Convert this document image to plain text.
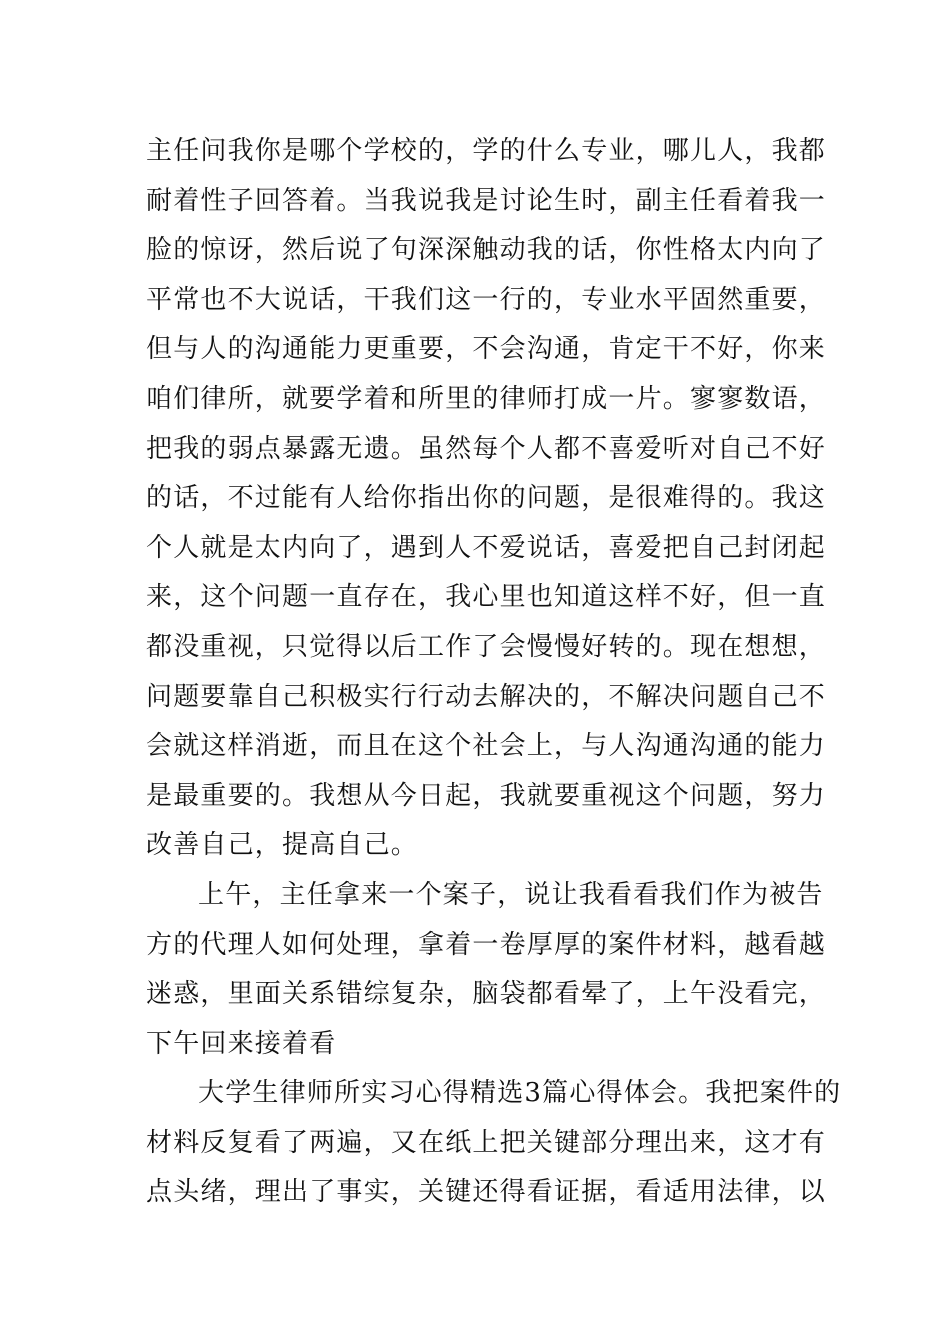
主任问我你是哪个学校的，学的什么专业，哪儿人，我都
耐着性子回答着。当我说我是讨论生时，副主任看着我一
脸的惊讶，然后说了句深深触动我的话，你性格太内向了
平常也不大说话，干我们这一行的，专业水平固然重要，
但与人的沟通能力更重要，不会沟通，肯定干不好，你来
咱们律所，就要学着和所里的律师打成一片。寥寥数语，
把我的弱点暴露无遗。虽然每个人都不喜爱听对自己不好
的话，不过能有人给你指出你的问题，是很难得的。我这
个人就是太内向了，遇到人不爱说话，喜爱把自己封闭起
来，这个问题一直存在，我心里也知道这样不好，但一直
都没重视，只觉得以后工作了会慢慢好转的。现在想想，
问题要靠自己积极实行行动去解决的，不解决问题自己不
会就这样消逝，而且在这个社会上，与人沟通沟通的能力
是最重要的。我想从今日起，我就要重视这个问题，努力
改善自己，提高自己。
上午，主任拿来一个案子，说让我看看我们作为被告
方的代理人如何处理，拿着一卷厚厚的案件材料，越看越
迷惑，里面关系错综复杂，脑袋都看晕了，上午没看完，
下午回来接着看
大学生律师所实习心得精选3篇心得体会。我把案件的
材料反复看了两遍，又在纸上把关键部分理出来，这才有
点头绪，理出了事实，关键还得看证据，看适用法律，以
